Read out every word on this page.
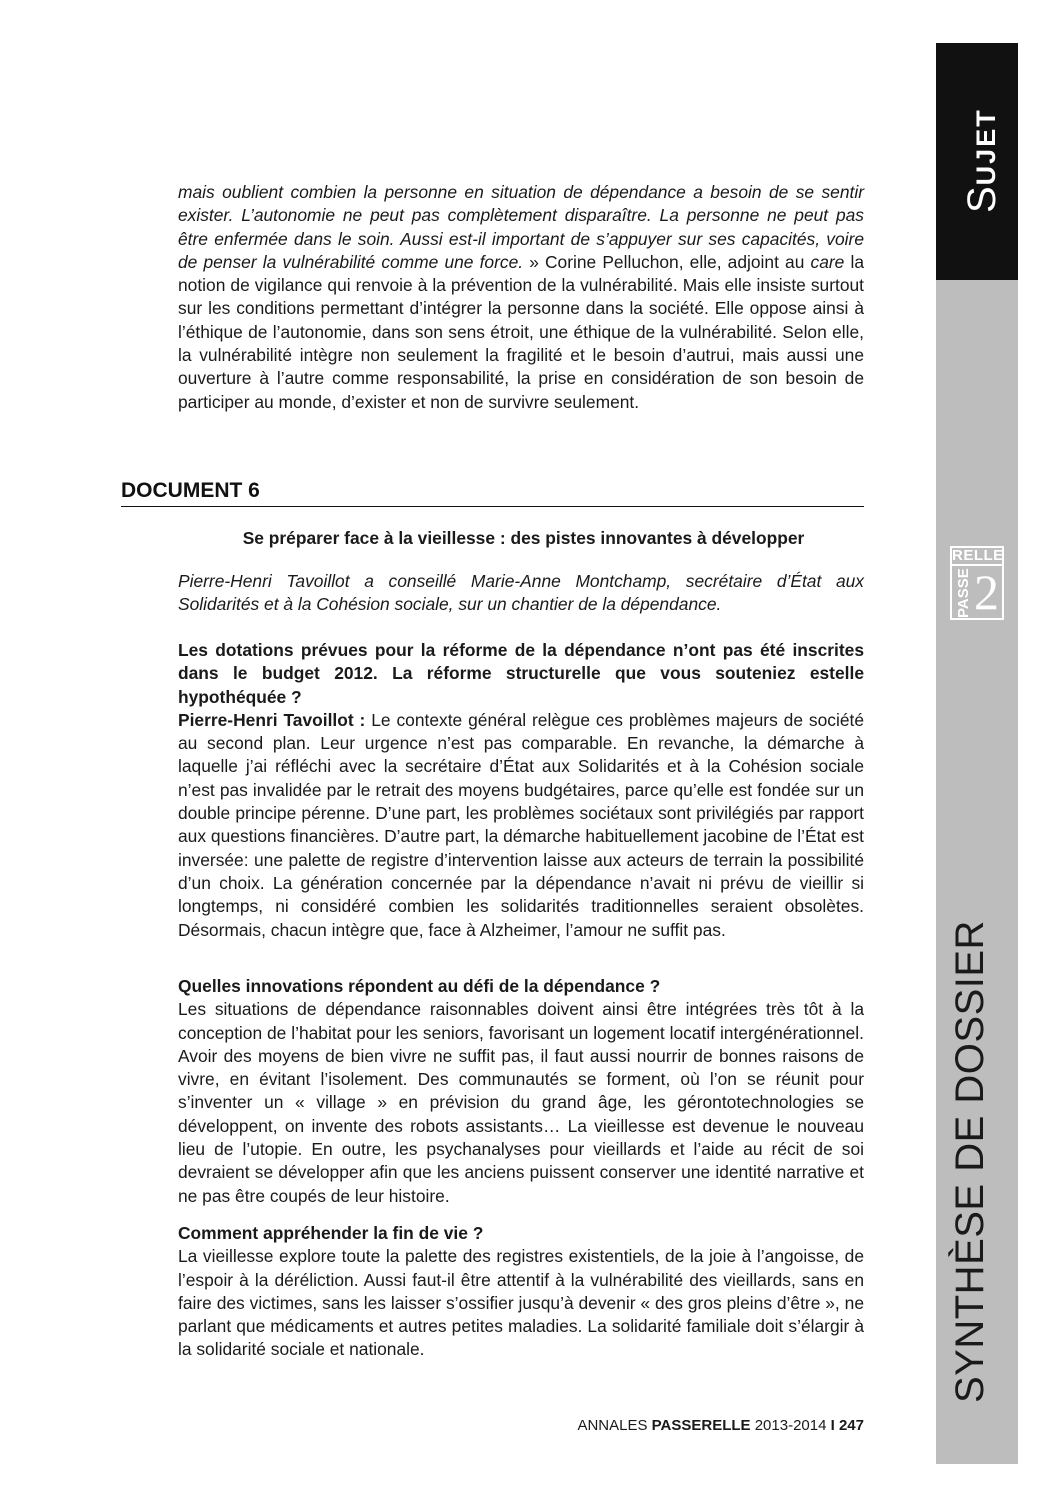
SUJET
RELLE
PASSE 2
SYNTHÈSE DE DOSSIER

mais oublient combien la personne en situation de dépendance a besoin de se sentir exister. L’autonomie ne peut pas complètement disparaître. La personne ne peut pas être enfermée dans le soin. Aussi est-il important de s’appuyer sur ses capacités, voire de penser la vulnérabilité comme une force. » Corine Pelluchon, elle, adjoint au care la notion de vigilance qui renvoie à la prévention de la vulnérabilité. Mais elle insiste surtout sur les conditions permettant d’intégrer la personne dans la société. Elle oppose ainsi à l’éthique de l’autonomie, dans son sens étroit, une éthique de la vulnérabilité. Selon elle, la vulnérabilité intègre non seulement la fragilité et le besoin d’autrui, mais aussi une ouverture à l’autre comme responsabilité, la prise en considération de son besoin de participer au monde, d’exister et non de survivre seulement.

DOCUMENT 6
Se préparer face à la vieillesse : des pistes innovantes à développer

Pierre-Henri Tavoillot a conseillé Marie-Anne Montchamp, secrétaire d’État aux Solidarités et à la Cohésion sociale, sur un chantier de la dépendance.

Les dotations prévues pour la réforme de la dépendance n’ont pas été inscrites dans le budget 2012. La réforme structurelle que vous souteniez estelle hypothéquée ?

Pierre-Henri Tavoillot : Le contexte général relègue ces problèmes majeurs de société au second plan. Leur urgence n’est pas comparable. En revanche, la démarche à laquelle j’ai réfléchi avec la secrétaire d’État aux Solidarités et à la Cohésion sociale n’est pas invalidée par le retrait des moyens budgétaires, parce qu’elle est fondée sur un double principe pérenne. D’une part, les problèmes sociétaux sont privilégiés par rapport aux questions financières. D’autre part, la démarche habituellement jacobine de l’État est inversée: une palette de registre d’intervention laisse aux acteurs de terrain la possibilité d’un choix. La génération concernée par la dépendance n’avait ni prévu de vieillir si longtemps, ni considéré combien les solidarités traditionnelles seraient obsolètes. Désormais, chacun intègre que, face à Alzheimer, l’amour ne suffit pas.

Quelles innovations répondent au défi de la dépendance ?

Les situations de dépendance raisonnables doivent ainsi être intégrées très tôt à la conception de l’habitat pour les seniors, favorisant un logement locatif intergénérationnel. Avoir des moyens de bien vivre ne suffit pas, il faut aussi nourrir de bonnes raisons de vivre, en évitant l’isolement. Des communautés se forment, où l’on se réunit pour s’inventer un « village » en prévision du grand âge, les gérontotechnologies se développent, on invente des robots assistants… La vieillesse est devenue le nouveau lieu de l’utopie. En outre, les psychanalyses pour vieillards et l’aide au récit de soi devraient se développer afin que les anciens puissent conserver une identité narrative et ne pas être coupés de leur histoire.

Comment appréhender la fin de vie ?

La vieillesse explore toute la palette des registres existentiels, de la joie à l’angoisse, de l’espoir à la déréliction. Aussi faut-il être attentif à la vulnérabilité des vieillards, sans en faire des victimes, sans les laisser s’ossifier jusqu’à devenir « des gros pleins d’être », ne parlant que médicaments et autres petites maladies. La solidarité familiale doit s’élargir à la solidarité sociale et nationale.

ANNALES PASSERELLE 2013-2014 I 247
